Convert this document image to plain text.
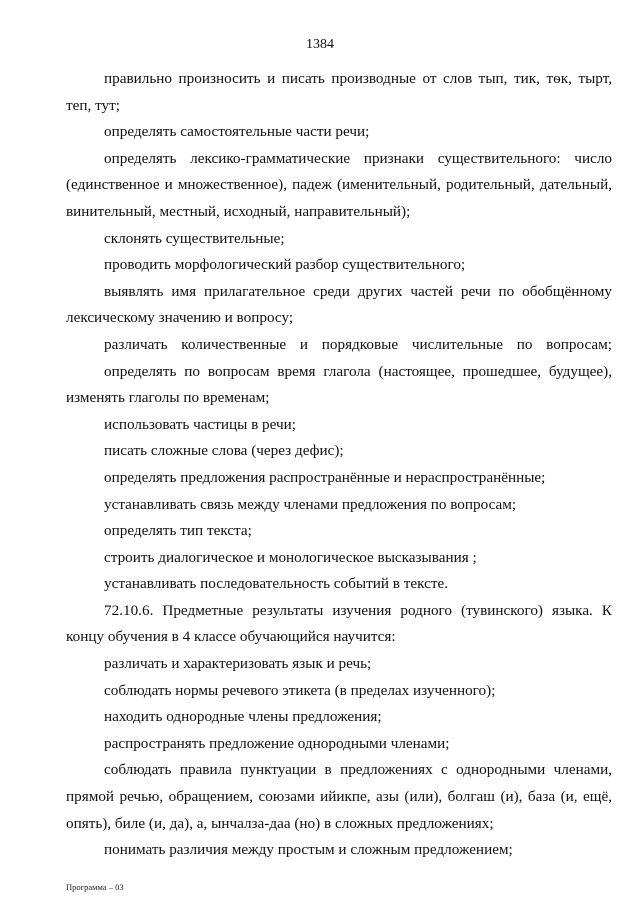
1384

правильно произносить и писать производные от слов тып, тик, тѳк, тырт, теп, тут;

определять самостоятельные части речи;

определять лексико-грамматические признаки существительного: число (единственное и множественное), падеж (именительный, родительный, дательный, винительный, местный, исходный, направительный);

склонять существительные;

проводить морфологический разбор существительного;

выявлять имя прилагательное среди других частей речи по обобщённому лексическому значению и вопросу;

различать количественные и порядковые числительные по вопросам;

определять по вопросам время глагола (настоящее, прошедшее, будущее), изменять глаголы по временам;

использовать частицы в речи;

писать сложные слова (через дефис);

определять предложения распространённые и нераспространённые;

устанавливать связь между членами предложения по вопросам;

определять тип текста;

строить диалогическое и монологическое высказывания ;

устанавливать последовательность событий в тексте.

72.10.6. Предметные результаты изучения родного (тувинского) языка. К концу обучения в 4 классе обучающийся научится:

различать и характеризовать язык и речь;

соблюдать нормы речевого этикета (в пределах изученного);

находить однородные члены предложения;

распространять предложение однородными членами;

соблюдать правила пунктуации в предложениях с однородными членами, прямой речью, обращением, союзами ийикпе, азы (или), болгаш (и), база (и, ещё, опять), биле (и, да), а, ынчалза-даа (но) в сложных предложениях;

понимать различия между простым и сложным предложением;

Программа – 03
